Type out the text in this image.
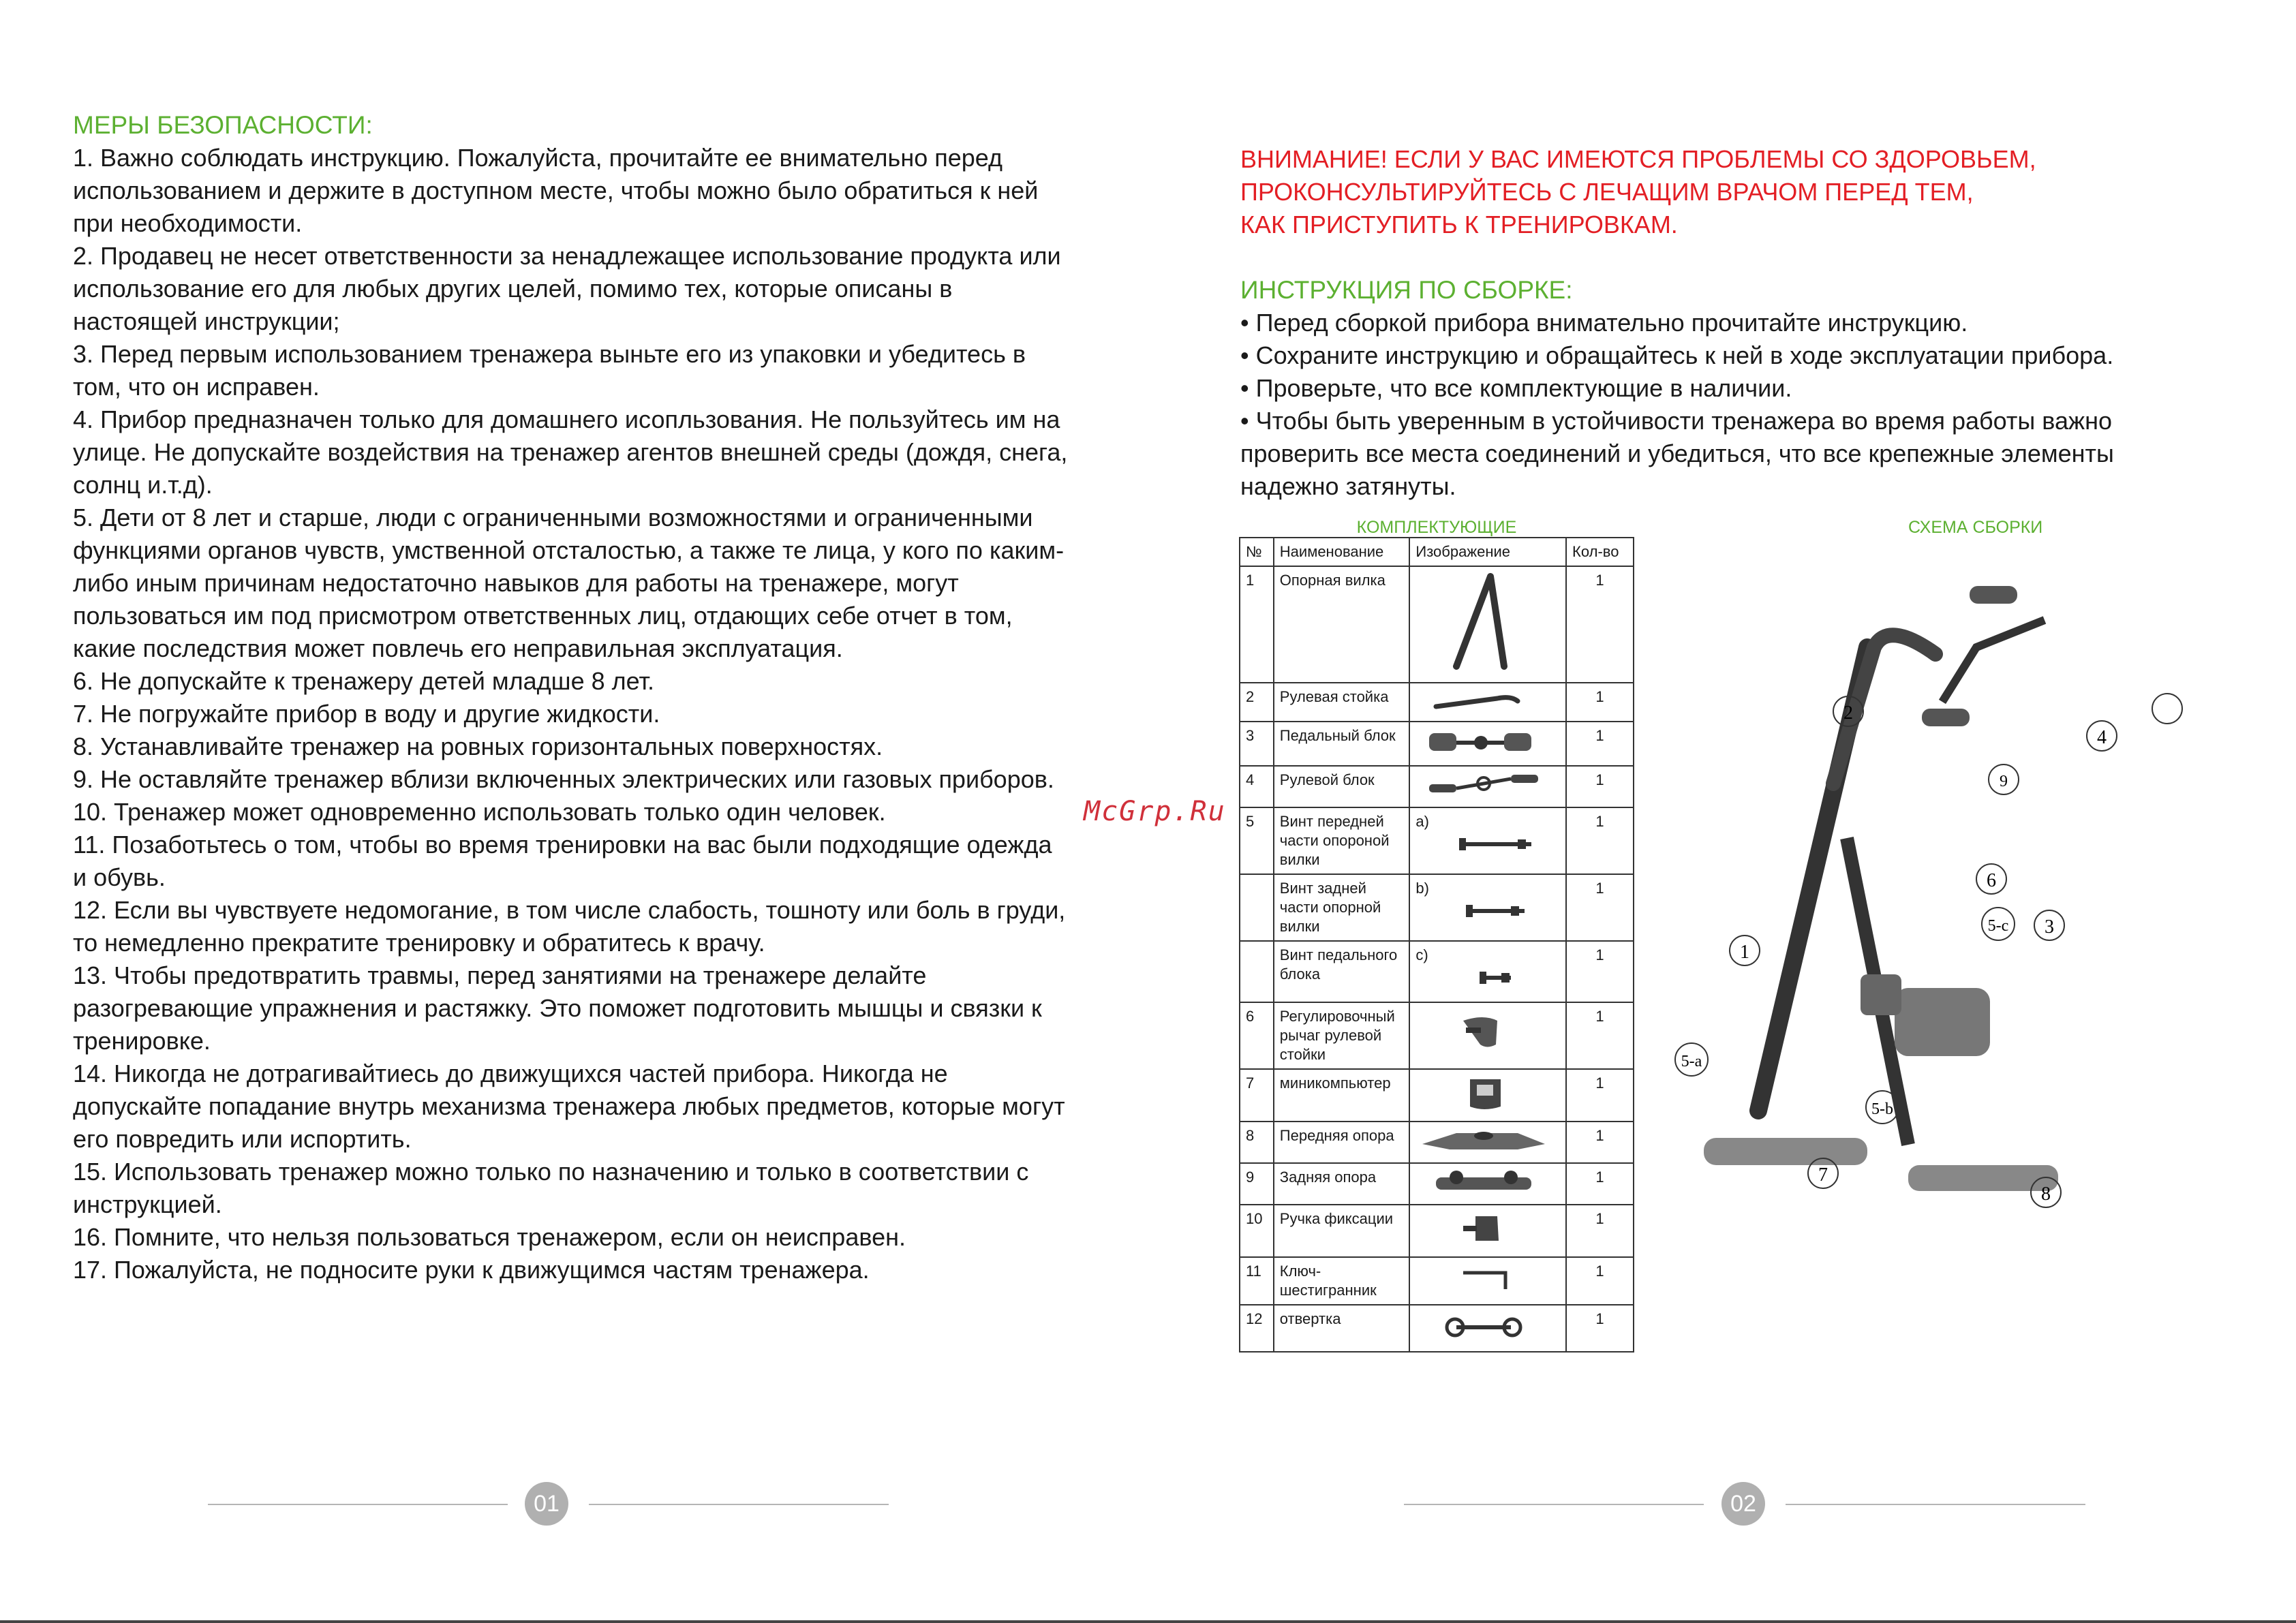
МЕРЫ БЕЗОПАСНОСТИ:

1. Важно соблюдать инструкцию. Пожалуйста, прочитайте ее внимательно перед использованием и держите в доступном месте, чтобы можно было обратиться к ней при необходимости.

2. Продавец не несет ответственности за ненадлежащее использование продукта или использование его для любых других целей, помимо тех, которые описаны в настоящей инструкции;

3. Перед первым использованием тренажера выньте его из упаковки и убедитесь в том, что он исправен.

4. Прибор предназначен только для домашнего исопльзования. Не пользуйтесь им на улице. Не допускайте воздействия на тренажер агентов внешней среды (дождя, снега, солнц и.т.д).

5. Дети от 8 лет и старше, люди с ограниченными возможностями и ограниченными функциями органов чувств, умственной отсталостью, а также те лица, у кого по каким-либо иным причинам недостаточно навыков для работы на тренажере, могут пользоваться им под присмотром ответственных лиц, отдающих себе отчет в том, какие последствия может повлечь его неправильная эксплуатация.

6. Не допускайте к тренажеру детей младше 8 лет.

7. Не погружайте прибор в воду и другие жидкости.

8. Устанавливайте тренажер на ровных горизонтальных поверхностях.

9. Не оставляйте тренажер вблизи включенных электрических или газовых приборов.

10. Тренажер может одновременно использовать только один человек.

11. Позаботьтесь о том, чтобы во время тренировки на вас были подходящие одежда и обувь.

12. Если вы чувствуете недомогание, в том числе слабость, тошноту или боль в груди, то немедленно прекратите тренировку и обратитесь к врачу.

13. Чтобы предотвратить травмы, перед занятиями на тренажере делайте разогревающие упражнения и растяжку. Это поможет подготовить мышцы и связки к тренировке.

14. Никогда не дотрагивайтиесь до движущихся частей прибора. Никогда не допускайте попадание внутрь механизма тренажера любых предметов, которые могут его повредить или испортить.

15. Использовать тренажер можно только по назначению и только в соответствии с инструкцией.

16. Помните, что нельзя пользоваться тренажером, если он неисправен.

17. Пожалуйста, не подносите руки к движущимся частям тренажера.

McGrp.Ru

ВНИМАНИЕ! ЕСЛИ У ВАС ИМЕЮТСЯ ПРОБЛЕМЫ СО ЗДОРОВЬЕМ,

ПРОКОНСУЛЬТИРУЙТЕСЬ С ЛЕЧАЩИМ ВРАЧОМ ПЕРЕД ТЕМ,

КАК ПРИСТУПИТЬ К ТРЕНИРОВКАМ.

ИНСТРУКЦИЯ ПО СБОРКЕ:

• Перед сборкой прибора внимательно прочитайте инструкцию.

• Сохраните инструкцию и обращайтесь к ней в ходе эксплуатации прибора.

• Проверьте, что все комплектующие в наличии.

• Чтобы быть уверенным в устойчивости тренажера во время работы важно проверить все места соединений и убедиться, что все крепежные элементы надежно затянуты.

КОМПЛЕКТУЮЩИЕ	СХЕМА СБОРКИ
№	Наименование	Изображение	Кол-во
1	Опорная вилка		1
2	Рулевая стойка		1
3	Педальный блок		1
4	Рулевой блок		1
5	Винт передней части опороной вилки	a)	1
	Винт задней части опорной вилки	b)	1
	Винт педального блока	c)	1
6	Регулировочный рычаг рулевой стойки		1
7	миникомпьютер		1
8	Передняя опора		1
9	Задняя опора		1
10	Ручка фиксации		1
11	Ключ-шестигранник		1
12	отвертка		1
1
2
3
5-a
5-b
5-c
6
7
8
9
4
01	02
